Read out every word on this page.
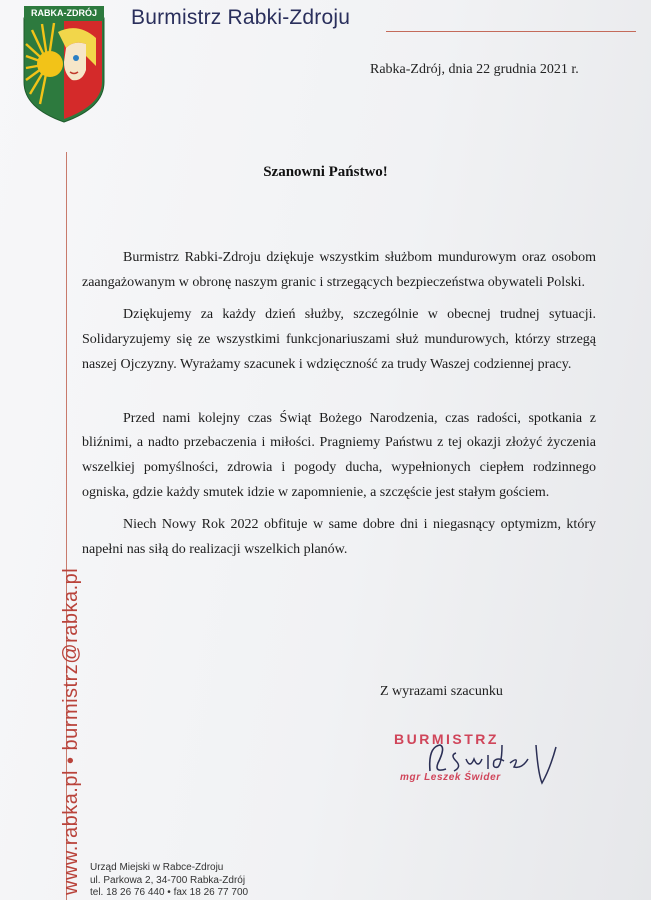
RABKA-ZDRÓJ Burmistrz Rabki-Zdroju
Rabka-Zdrój, dnia 22 grudnia 2021 r.
www.rabka.pl • burmistrz@rabka.pl
Szanowni Państwo!

Burmistrz Rabki-Zdroju dziękuje wszystkim służbom mundurowym oraz osobom zaangażowanym w obronę naszym granic i strzegących bezpieczeństwa obywateli Polski.

Dziękujemy za każdy dzień służby, szczególnie w obecnej trudnej sytuacji. Solidaryzujemy się ze wszystkimi funkcjonariuszami służ mundurowych, którzy strzegą naszej Ojczyzny. Wyrażamy szacunek i wdzięczność za trudy Waszej codziennej pracy.

Przed nami kolejny czas Świąt Bożego Narodzenia, czas radości, spotkania z bliźnimi, a nadto przebaczenia i miłości. Pragniemy Państwu z tej okazji złożyć życzenia wszelkiej pomyślności, zdrowia i pogody ducha, wypełnionych ciepłem rodzinnego ogniska, gdzie każdy smutek idzie w zapomnienie, a szczęście jest stałym gościem.

Niech Nowy Rok 2022 obfituje w same dobre dni i niegasnący optymizm, który napełni nas siłą do realizacji wszelkich planów.

Z wyrazami szacunku
BURMISTRZ
mgr Leszek Świder
Urząd Miejski w Rabce-Zdroju
ul. Parkowa 2, 34-700 Rabka-Zdrój
tel. 18 26 76 440 • fax 18 26 77 700
